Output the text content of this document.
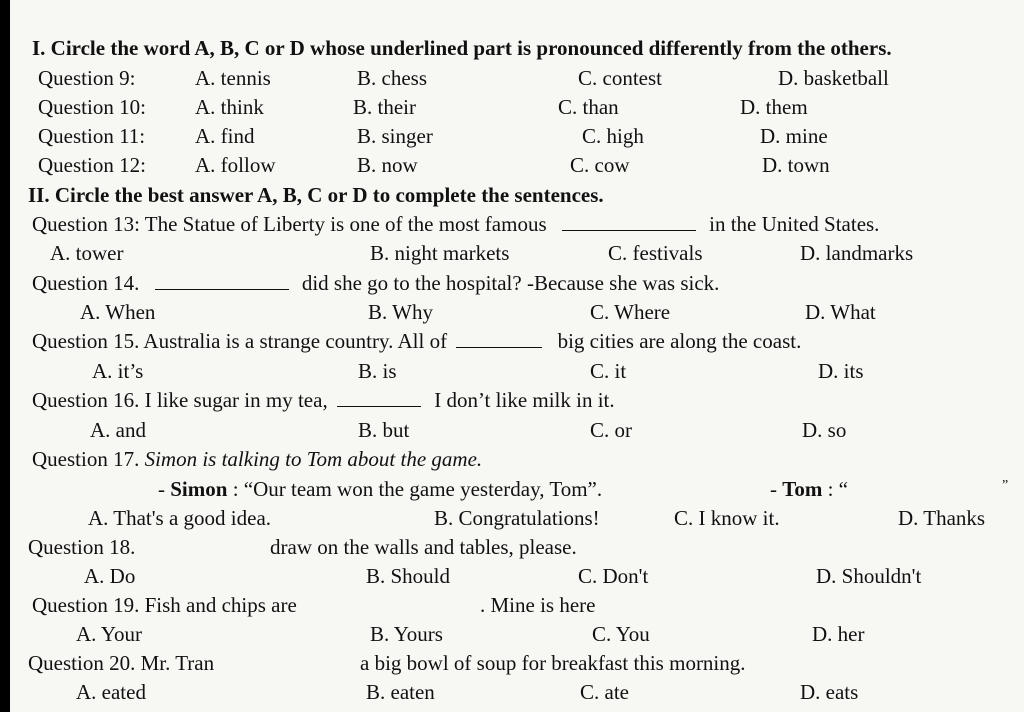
I. Circle the word A, B, C or D whose underlined part is pronounced differently from the others.
Question 9:	A. tennis	B. chess	C. contest	D. basketball
Question 10: A. think	B. their	C. than	D. them
Question 11: A. find	B. singer	C. high	D. mine
Question 12: A. follow	B. now	C. cow	D. town
II. Circle the best answer A, B, C or D to complete the sentences.
Question 13: The Statue of Liberty is one of the most famous	in the United States.
A. tower	B. night markets	C. festivals	D. landmarks
Question 14.	did she go to the hospital? -Because she was sick.
A. When	B. Why	C. Where	D. What
Question 15. Australia is a strange country. All of	big cities are along the coast.
A. it’s	B. is	C. it	D. its
Question 16. I like sugar in my tea,	I don’t like milk in it.
A. and	B. but	C. or	D. so
Question 17. Simon is talking to Tom about the game.
- Simon : “Our team won the game yesterday, Tom”.	- Tom : “	”
A. That's a good idea.	B. Congratulations!	C. I know it.	D. Thanks
Question 18.	draw on the walls and tables, please.
A. Do	B. Should	C. Don't	D. Shouldn't
Question 19. Fish and chips are	. Mine is here
A. Your	B. Yours	C. You	D. her
Question 20. Mr. Tran	a big bowl of soup for breakfast this morning.
A. eated	B. eaten	C. ate	D. eats
